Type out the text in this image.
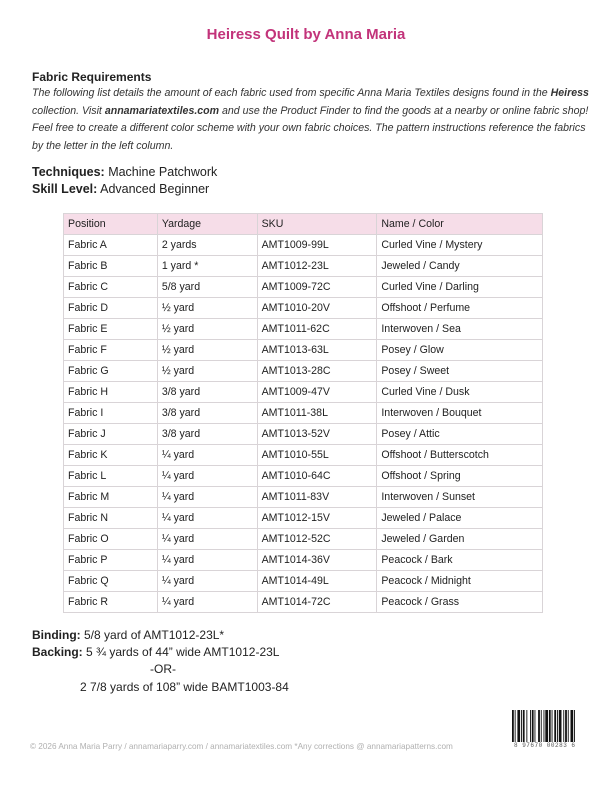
Heiress Quilt by Anna Maria
Fabric Requirements
The following list details the amount of each fabric used from specific Anna Maria Textiles designs found in the Heiress collection. Visit annamariatextiles.com and use the Product Finder to find the goods at a nearby or online fabric shop! Feel free to create a different color scheme with your own fabric choices. The pattern instructions reference the fabrics by the letter in the left column.
Techniques: Machine Patchwork
Skill Level: Advanced Beginner
Position	Yardage	SKU	Name / Color
Fabric A	2 yards	AMT1009-99L	Curled Vine / Mystery
Fabric B	1 yard *	AMT1012-23L	Jeweled / Candy
Fabric C	5/8 yard	AMT1009-72C	Curled Vine / Darling
Fabric D	½ yard	AMT1010-20V	Offshoot / Perfume
Fabric E	½ yard	AMT1011-62C	Interwoven / Sea
Fabric F	½ yard	AMT1013-63L	Posey / Glow
Fabric G	½ yard	AMT1013-28C	Posey / Sweet
Fabric H	3/8 yard	AMT1009-47V	Curled Vine / Dusk
Fabric I	3/8 yard	AMT1011-38L	Interwoven / Bouquet
Fabric J	3/8 yard	AMT1013-52V	Posey / Attic
Fabric K	¼ yard	AMT1010-55L	Offshoot / Butterscotch
Fabric L	¼ yard	AMT1010-64C	Offshoot / Spring
Fabric M	¼ yard	AMT1011-83V	Interwoven / Sunset
Fabric N	¼ yard	AMT1012-15V	Jeweled / Palace
Fabric O	¼ yard	AMT1012-52C	Jeweled / Garden
Fabric P	¼ yard	AMT1014-36V	Peacock / Bark
Fabric Q	¼ yard	AMT1014-49L	Peacock / Midnight
Fabric R	¼ yard	AMT1014-72C	Peacock / Grass
Binding: 5/8 yard of AMT1012-23L*
Backing: 5 ¾ yards of 44” wide AMT1012-23L
-OR-
2 7/8 yards of 108” wide BAMT1003-84
© 2026 Anna Maria Parry / annamariaparry.com / annamariatextiles.com *Any corrections @ annamariapatterns.com	8 97670 00283 6
